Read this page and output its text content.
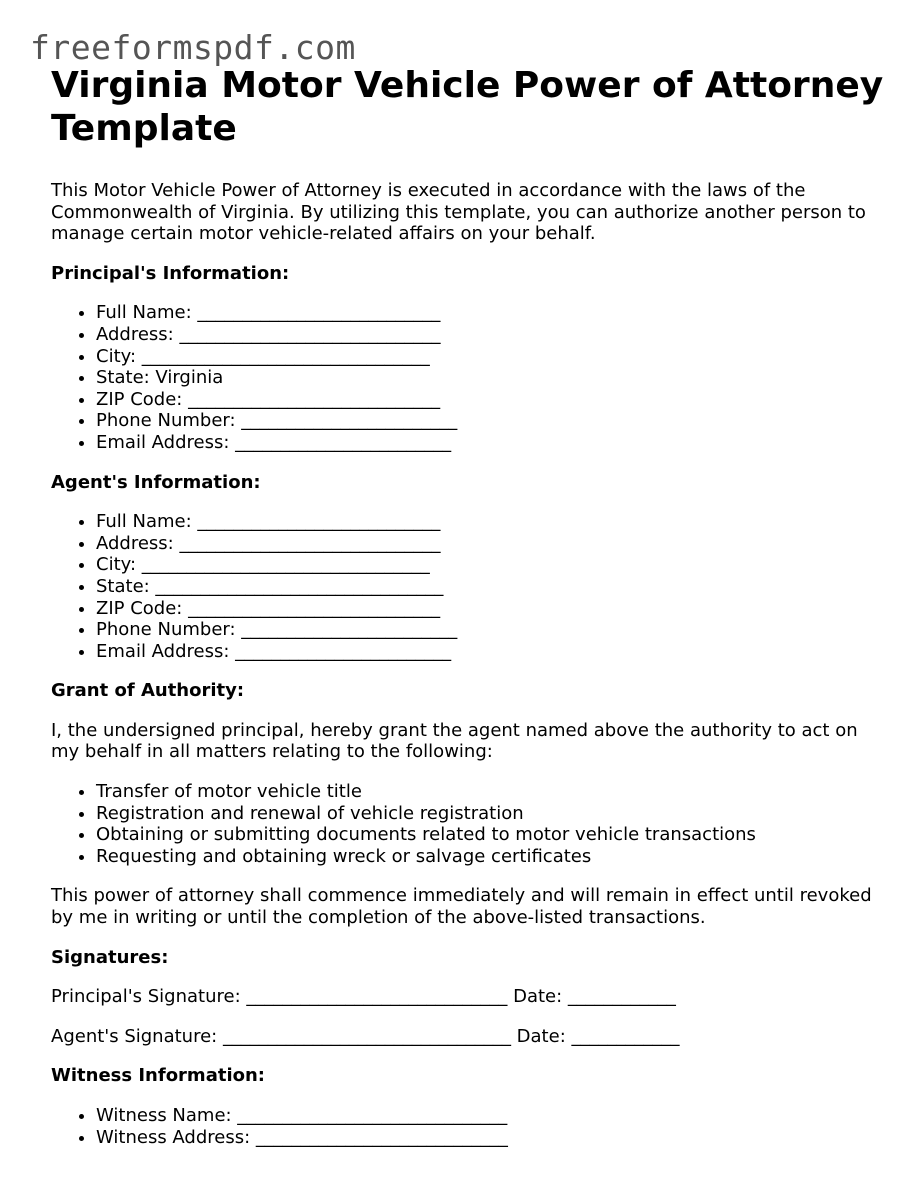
freeformspdf.com
Virginia Motor Vehicle Power of Attorney Template

This Motor Vehicle Power of Attorney is executed in accordance with the laws of the Commonwealth of Virginia. By utilizing this template, you can authorize another person to manage certain motor vehicle-related affairs on your behalf.

Principal's Information:
• Full Name: ___________________________
• Address: _____________________________
• City: ________________________________
• State: Virginia
• ZIP Code: ____________________________
• Phone Number: ________________________
• Email Address: ________________________
Agent's Information:
• Full Name: ___________________________
• Address: _____________________________
• City: ________________________________
• State: ________________________________
• ZIP Code: ____________________________
• Phone Number: ________________________
• Email Address: ________________________
Grant of Authority:

I, the undersigned principal, hereby grant the agent named above the authority to act on my behalf in all matters relating to the following:

• Transfer of motor vehicle title
• Registration and renewal of vehicle registration
• Obtaining or submitting documents related to motor vehicle transactions
• Requesting and obtaining wreck or salvage certificates

This power of attorney shall commence immediately and will remain in effect until revoked by me in writing or until the completion of the above-listed transactions.

Signatures:

Principal's Signature: _____________________________ Date: ____________

Agent's Signature: ________________________________ Date: ____________

Witness Information:
• Witness Name: ______________________________
• Witness Address: ____________________________
